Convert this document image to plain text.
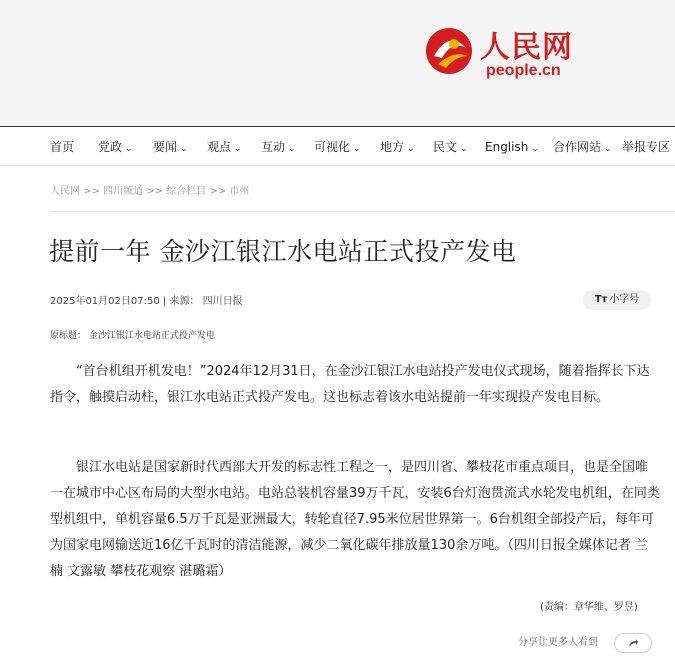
人民网
people.cn
首页 党政 ⌄ 要闻 ⌄ 观点 ⌄ 互动 ⌄ 可视化 ⌄ 地方 ⌄ 民文 ⌄ English ⌄ 合作网站 ⌄ 举报专区
人民网 >> 四川频道 >> 综合栏目 >> 市州
提前一年 金沙江银江水电站正式投产发电
2025年01月02日07:50 | 来源： 四川日报	Tт 小字号
原标题： 金沙江银江水电站正式投产发电

“首台机组开机发电！”2024年12月31日，在金沙江银江水电站投产发电仪式现场，随着指挥长下达指令，触摸启动柱，银江水电站正式投产发电。这也标志着该水电站提前一年实现投产发电目标。

银江水电站是国家新时代西部大开发的标志性工程之一，是四川省、攀枝花市重点项目，也是全国唯一在城市中心区布局的大型水电站。电站总装机容量39万千瓦，安装6台灯泡贯流式水轮发电机组，在同类型机组中，单机容量6.5万千瓦是亚洲最大，转轮直径7.95米位居世界第一。6台机组全部投产后，每年可为国家电网输送近16亿千瓦时的清洁能源，减少二氧化碳年排放量130余万吨。（四川日报全媒体记者 兰楠 文露敏 攀枝花观察 湛璐霜）

(责编：章华维、罗昱)
分享让更多人看到
